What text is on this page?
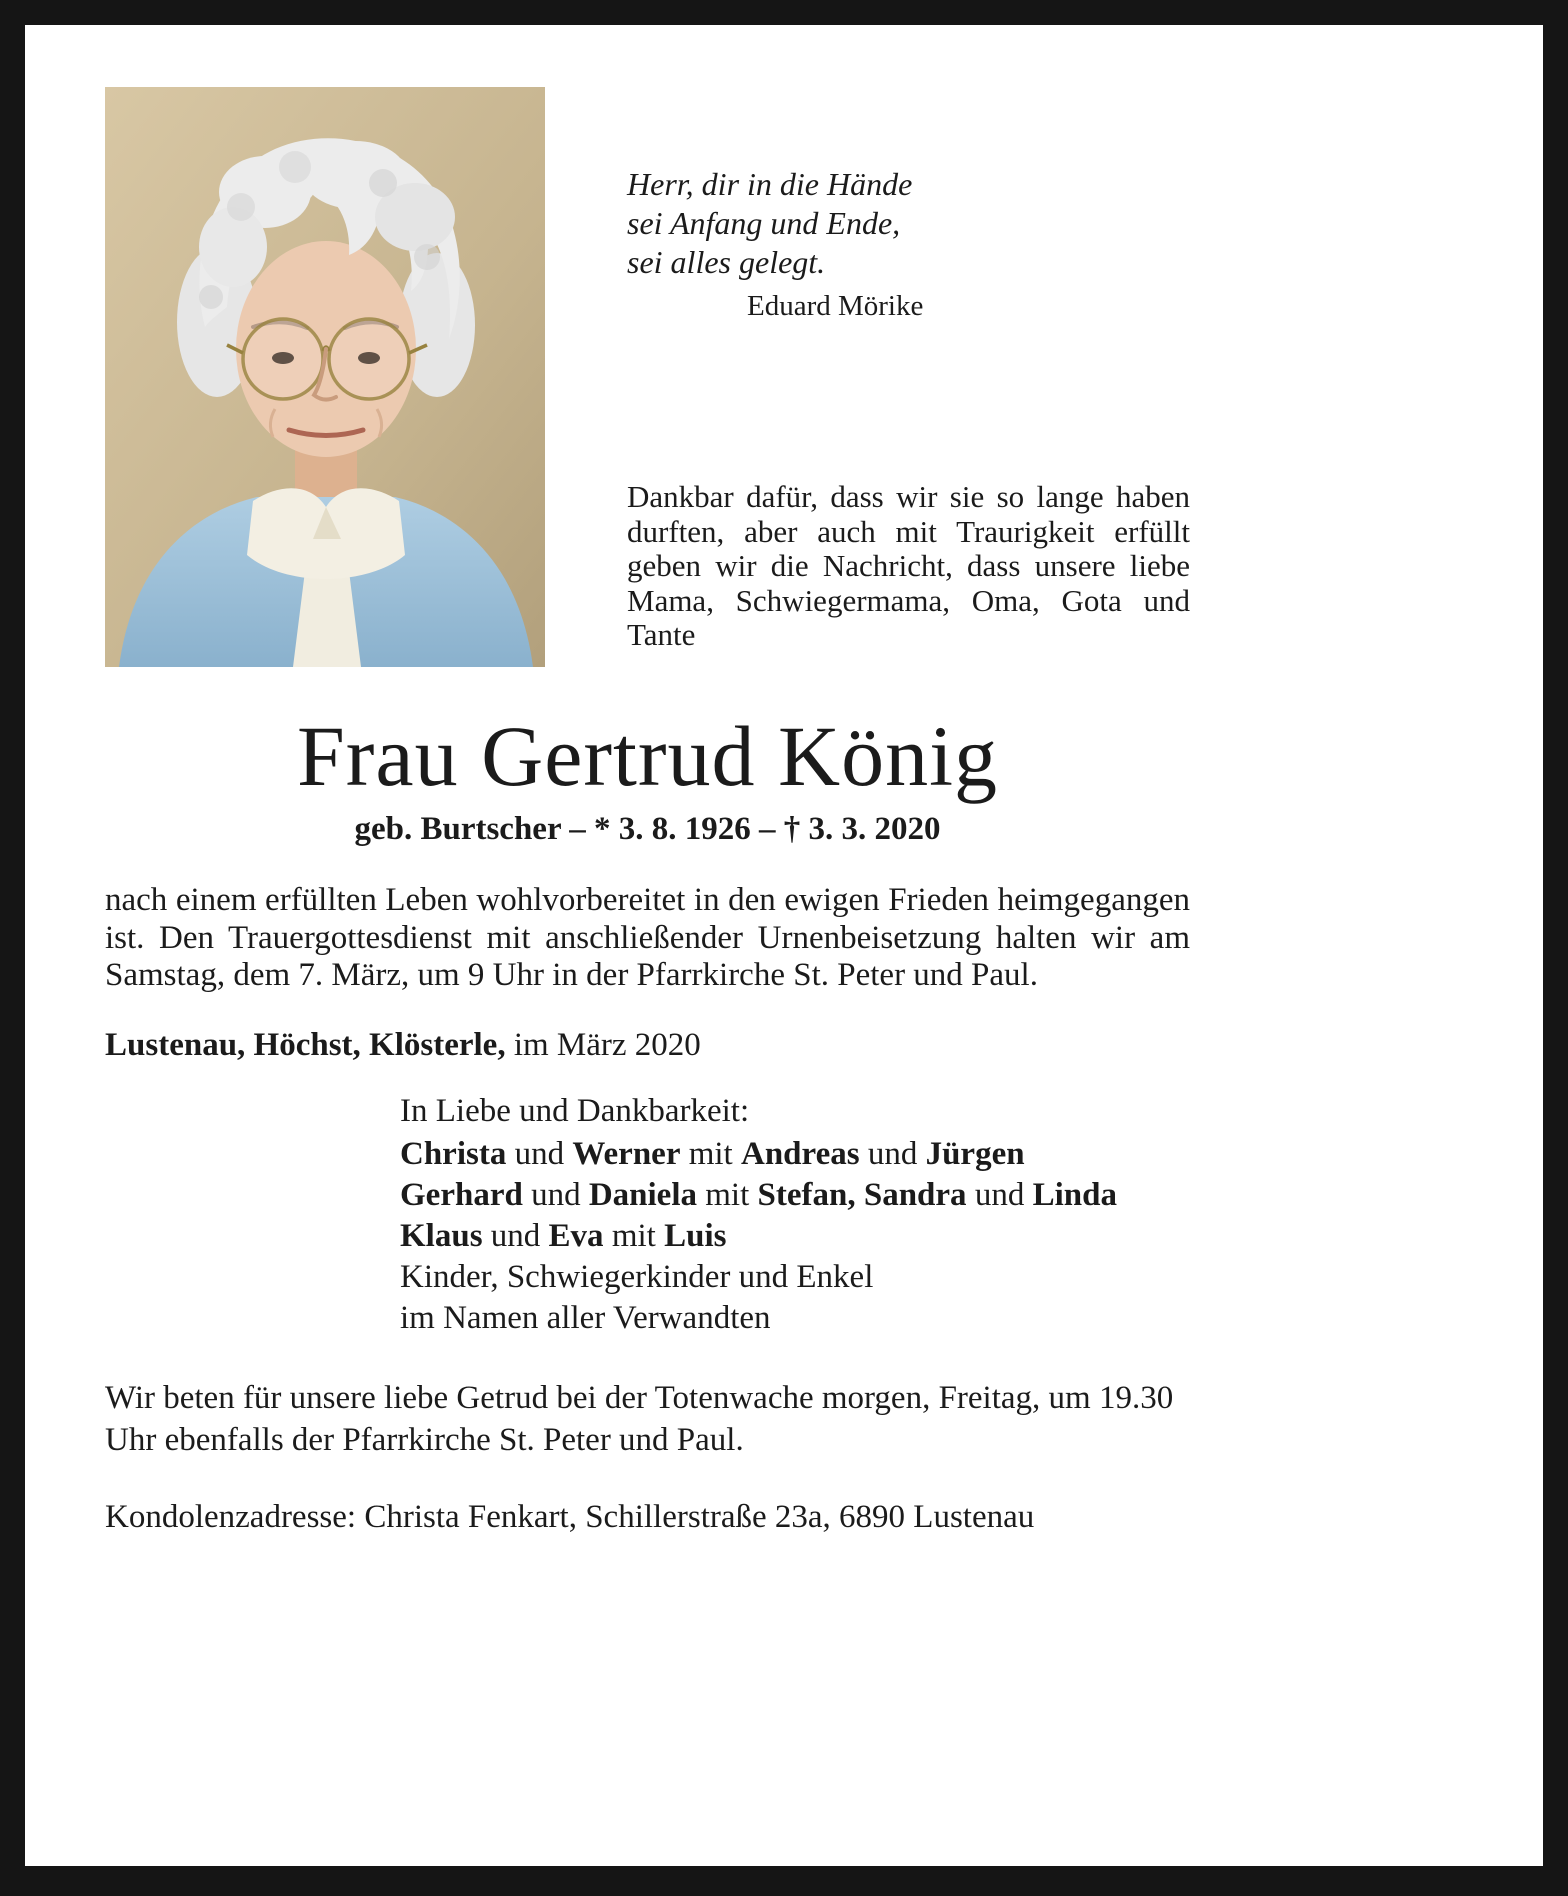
Herr, dir in die Hände
sei Anfang und Ende,
sei alles gelegt.
Eduard Mörike

Dankbar dafür, dass wir sie so lange haben durften, aber auch mit Traurigkeit erfüllt geben wir die Nachricht, dass unsere liebe Mama, Schwiegermama, Oma, Gota und Tante

Frau Gertrud König
geb. Burtscher – * 3. 8. 1926 – † 3. 3. 2020

nach einem erfüllten Leben wohlvorbereitet in den ewigen Frieden heimgegangen ist. Den Trauergottesdienst mit anschließender Urnenbeisetzung halten wir am Samstag, dem 7. März, um 9 Uhr in der Pfarrkirche St. Peter und Paul.

Lustenau, Höchst, Klösterle, im März 2020

In Liebe und Dankbarkeit:
Christa und Werner mit Andreas und Jürgen
Gerhard und Daniela mit Stefan, Sandra und Linda
Klaus und Eva mit Luis
Kinder, Schwiegerkinder und Enkel
im Namen aller Verwandten

Wir beten für unsere liebe Getrud bei der Totenwache morgen, Freitag, um 19.30 Uhr ebenfalls der Pfarrkirche St. Peter und Paul.

Kondolenzadresse: Christa Fenkart, Schillerstraße 23a, 6890 Lustenau
